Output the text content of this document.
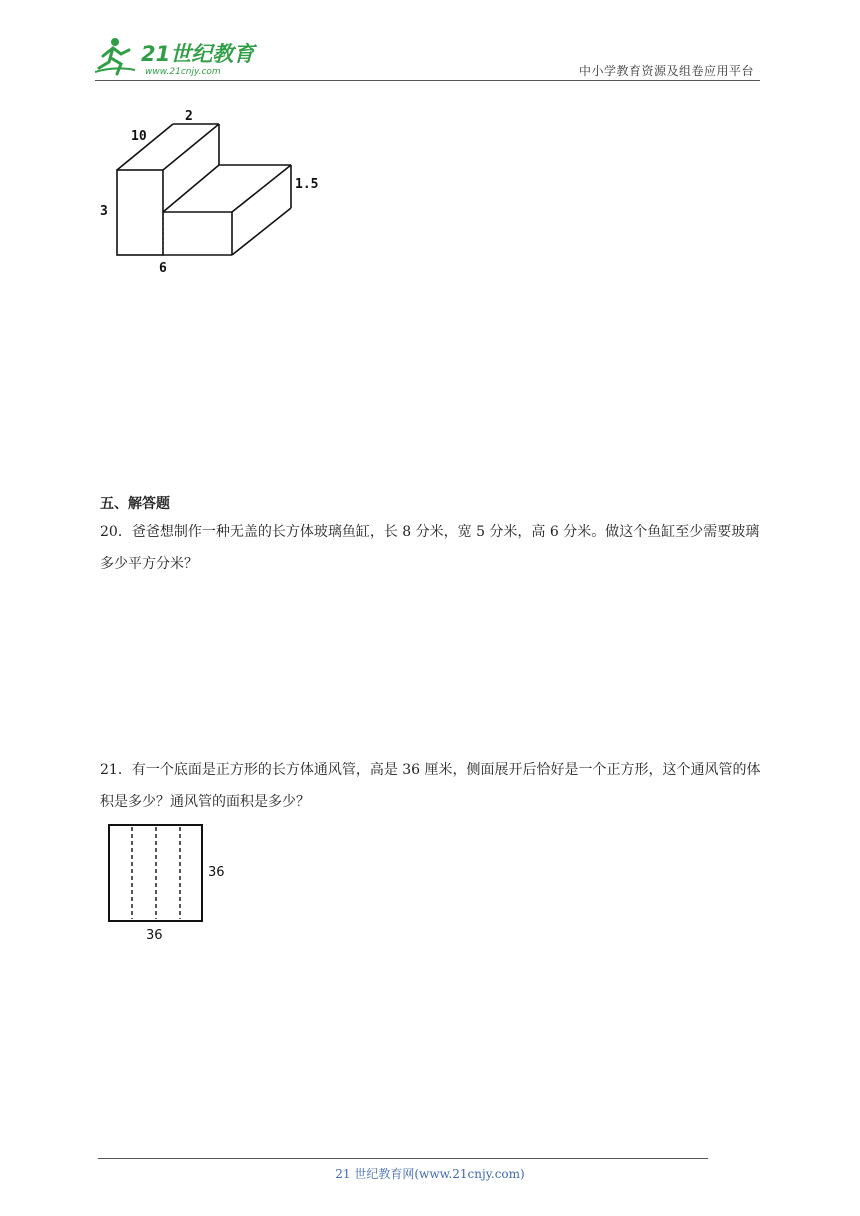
21世纪教育
www.21cnjy.com	中小学教育资源及组卷应用平台
2
10
3
1.5
6
五、解答题
20．爸爸想制作一种无盖的长方体玻璃鱼缸，长 8 分米，宽 5 分米，高 6 分米。做这个鱼缸至少需要玻璃多少平方分米？
21．有一个底面是正方形的长方体通风管，高是 36 厘米，侧面展开后恰好是一个正方形，这个通风管的体积是多少？通风管的面积是多少？
36
36
21 世纪教育网(www.21cnjy.com)
